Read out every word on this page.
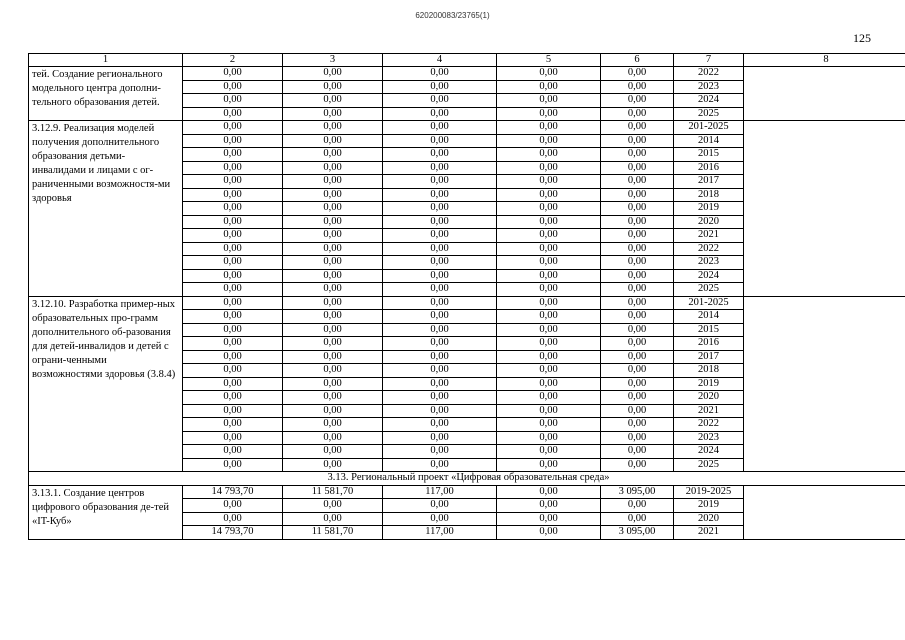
620200083/23765(1)
125
1	2	3	4	5	6	7	8
тей. Создание регионального модельного центра дополни-тельного образования детей.	0,00	0,00	0,00	0,00	0,00	2022	
	0,00	0,00	0,00	0,00	0,00	2023	
	0,00	0,00	0,00	0,00	0,00	2024	
	0,00	0,00	0,00	0,00	0,00	2025	
3.12.9. Реализация моделей получения дополнительного образования детьми-инвалидами и лицами с ог-раниченными возможностя-ми здоровья	0,00	0,00	0,00	0,00	0,00	201-2025	
	0,00	0,00	0,00	0,00	0,00	2014	
	0,00	0,00	0,00	0,00	0,00	2015	
	0,00	0,00	0,00	0,00	0,00	2016	
	0,00	0,00	0,00	0,00	0,00	2017	
	0,00	0,00	0,00	0,00	0,00	2018	
	0,00	0,00	0,00	0,00	0,00	2019	
	0,00	0,00	0,00	0,00	0,00	2020	
	0,00	0,00	0,00	0,00	0,00	2021	
	0,00	0,00	0,00	0,00	0,00	2022	
	0,00	0,00	0,00	0,00	0,00	2023	
	0,00	0,00	0,00	0,00	0,00	2024	
	0,00	0,00	0,00	0,00	0,00	2025	
3.12.10. Разработка пример-ных образовательных про-грамм дополнительного об-разования для детей-инвалидов и детей с ограни-ченными возможностями здоровья (3.8.4)	0,00	0,00	0,00	0,00	0,00	201-2025	
	0,00	0,00	0,00	0,00	0,00	2014	
	0,00	0,00	0,00	0,00	0,00	2015	
	0,00	0,00	0,00	0,00	0,00	2016	
	0,00	0,00	0,00	0,00	0,00	2017	
	0,00	0,00	0,00	0,00	0,00	2018	
	0,00	0,00	0,00	0,00	0,00	2019	
	0,00	0,00	0,00	0,00	0,00	2020	
	0,00	0,00	0,00	0,00	0,00	2021	
	0,00	0,00	0,00	0,00	0,00	2022	
	0,00	0,00	0,00	0,00	0,00	2023	
	0,00	0,00	0,00	0,00	0,00	2024	
	0,00	0,00	0,00	0,00	0,00	2025	
3.13. Региональный проект «Цифровая образовательная среда»							
3.13.1. Создание центров цифрового образования де-тей «IT-Куб»	14 793,70	11 581,70	117,00	0,00	3 095,00	2019-2025	
	0,00	0,00	0,00	0,00	0,00	2019	
	0,00	0,00	0,00	0,00	0,00	2020	
	14 793,70	11 581,70	117,00	0,00	3 095,00	2021	
